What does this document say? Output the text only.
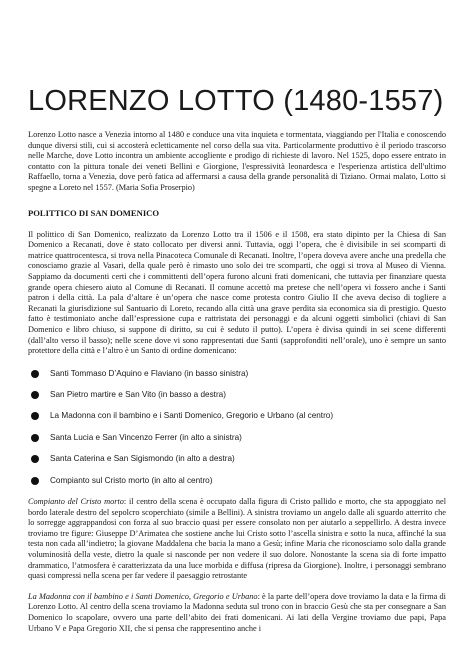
LORENZO LOTTO (1480-1557)

Lorenzo Lotto nasce a Venezia intorno al 1480 e conduce una vita inquieta e tormentata, viaggiando per l'Italia e conoscendo dunque diversi stili, cui si accosterà ecletticamente nel corso della sua vita. Particolarmente produttivo è il periodo trascorso nelle Marche, dove Lotto incontra un ambiente accogliente e prodigo di richieste di lavoro. Nel 1525, dopo essere entrato in contatto con la pittura tonale dei veneti Bellini e Giorgione, l'espressività leonardesca e l'esperienza artistica dell'ultimo Raffaello, torna a Venezia, dove però fatica ad affermarsi a causa della grande personalità di Tiziano. Ormai malato, Lotto si spegne a Loreto nel 1557. (Maria Sofia Proserpio)

POLITTICO DI SAN DOMENICO

Il polittico di San Domenico, realizzato da Lorenzo Lotto tra il 1506 e il 1508, era stato dipinto per la Chiesa di San Domenico a Recanati, dove è stato collocato per diversi anni. Tuttavia, oggi l’opera, che è divisibile in sei scomparti di matrice quattrocentesca, si trova nella Pinacoteca Comunale di Recanati. Inoltre, l’opera doveva avere anche una predella che conosciamo grazie al Vasari, della quale però è rimasto uno solo dei tre scomparti, che oggi si trova al Museo di Vienna. Sappiamo da documenti certi che i committenti dell’opera furono alcuni frati domenicani, che tuttavia per finanziare questa grande opera chiesero aiuto al Comune di Recanati. Il comune accettò ma pretese che nell’opera vi fossero anche i Santi patron i della città. La pala d’altare è un’opera che nasce come protesta contro Giulio II che aveva deciso di togliere a Recanati la giurisdizione sul Santuario di Loreto, recando alla città una grave perdita sia economica sia di prestigio. Questo fatto è testimoniato anche dall’espressione cupa e rattristata dei personaggi e da alcuni oggetti simbolici (chiavi di San Domenico e libro chiuso, si suppone di diritto, su cui è seduto il putto). L’opera è divisa quindi in sei scene differenti (dall’alto verso il basso); nelle scene dove vi sono rappresentati due Santi (sapprofonditi nell’orale), uno è sempre un santo protettore della città e l’altro è un Santo di ordine domenicano:

Santi Tommaso D’Aquino e Flaviano (in basso sinistra)
San Pietro martire e San Vito (in basso a destra)
La Madonna con il bambino e i Santi Domenico, Gregorio e Urbano (al centro)
Santa Lucia e San Vincenzo Ferrer (in alto a sinistra)
Santa Caterina e San Sigismondo (in alto a destra)
Compianto sul Cristo morto (in alto al centro)

Compianto del Cristo morto: il centro della scena è occupato dalla figura di Cristo pallido e morto, che sta appoggiato nel bordo laterale destro del sepolcro scoperchiato (simile a Bellini). A sinistra troviamo un angelo dalle ali sguardo atterrito che lo sorregge aggrappandosi con forza al suo braccio quasi per essere consolato non per aiutarlo a seppellirlo. A destra invece troviamo tre figure: Giuseppe D’Arimatea che sostiene anche lui Cristo sotto l’ascella sinistra e sotto la nuca, affinché la sua testa non cada all’indietro; la giovane Maddalena che bacia la mano a Gesù; infine Maria che riconosciamo solo dalla grande voluminosità della veste, dietro la quale si nasconde per non vedere il suo dolore. Nonostante la scena sia di forte impatto drammatico, l’atmosfera è caratterizzata da una luce morbida e diffusa (ripresa da Giorgione). Inoltre, i personaggi sembrano quasi compressi nella scena per far vedere il paesaggio retrostante

La Madonna con il bambino e i Santi Domenico, Gregorio e Urbano: è la parte dell’opera dove troviamo la data e la firma di Lorenzo Lotto. Al centro della scena troviamo la Madonna seduta sul trono con in braccio Gesù che sta per consegnare a San Domenico lo scapolare, ovvero una parte dell’abito dei frati domenicani. Ai lati della Vergine troviamo due papi, Papa Urbano V e Papa Gregorio XII, che si pensa che rappresentino anche i
